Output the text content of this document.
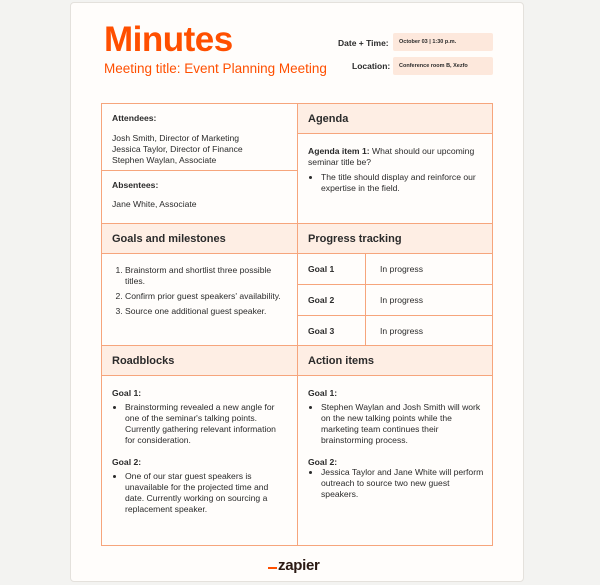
Minutes
Meeting title: Event Planning Meeting
Date + Time:	October 03 | 1:30 p.m.
Location:	Conference room B, Xezfo
Agenda
Goals and milestones	Progress tracking
Roadblocks	Action items
Attendees:
Josh Smith, Director of Marketing
Jessica Taylor, Director of Finance
Stephen Waylan, Associate
Absentees:
Jane White, Associate
Agenda item 1: What should our upcoming seminar title be?
• The title should display and reinforce our expertise in the field.
1. Brainstorm and shortlist three possible titles.
2. Confirm prior guest speakers' availability.
3. Source one additional guest speaker.
Goal 1	In progress
Goal 2	In progress
Goal 3	In progress
Goal 1:
• Brainstorming revealed a new angle for one of the seminar's talking points. Currently gathering relevant information for consideration.
Goal 2:
• One of our star guest speakers is unavailable for the projected time and date. Currently working on sourcing a replacement speaker.
Goal 1:
• Stephen Waylan and Josh Smith will work on the new talking points while the marketing team continues their brainstorming process.
Goal 2:
• Jessica Taylor and Jane White will perform outreach to source two new guest speakers.
zapier
